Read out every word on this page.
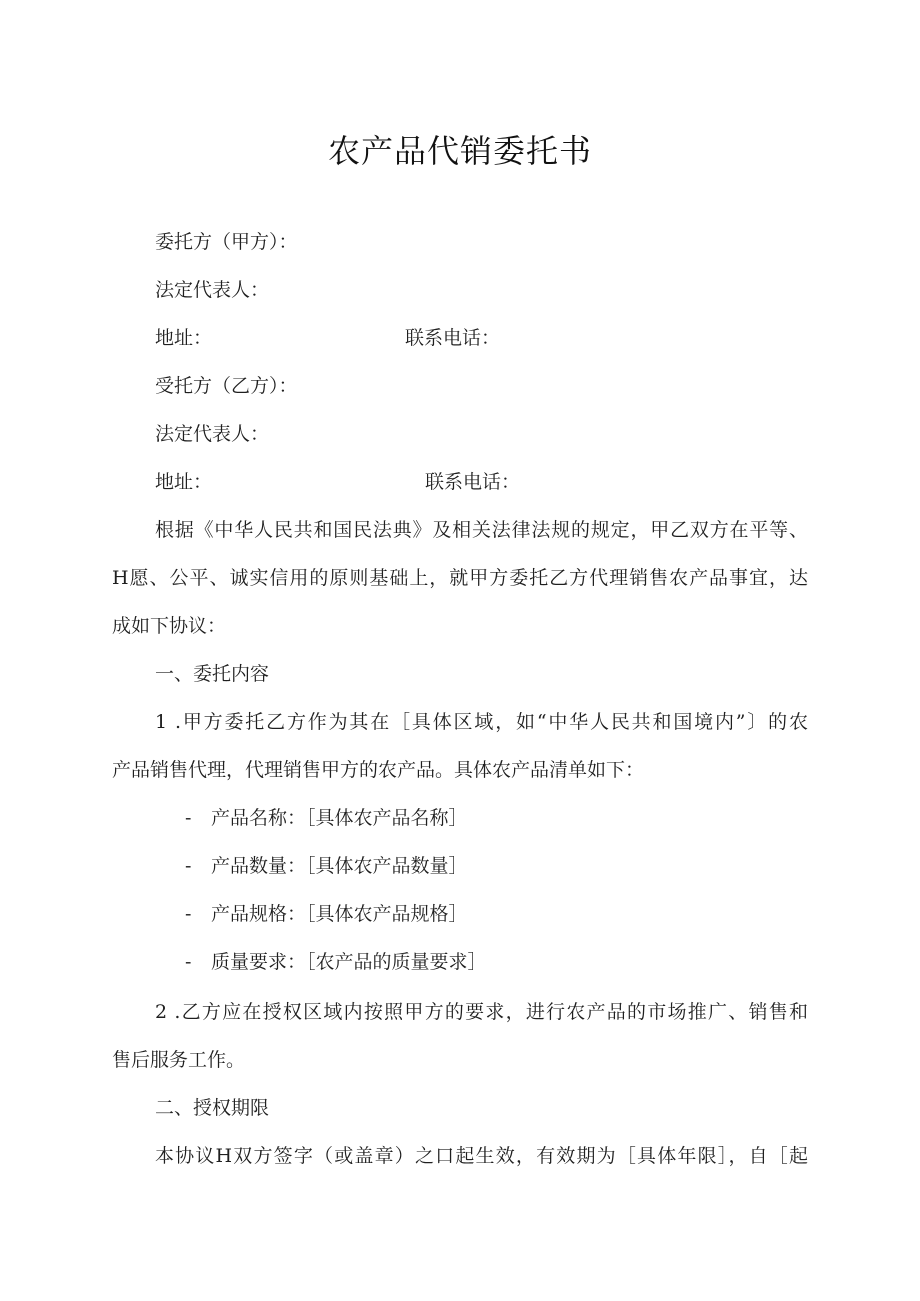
农产品代销委托书
委托方（甲方）：
法定代表人：
地址：	联系电话：
受托方（乙方）：
法定代表人：
地址：	联系电话：
根据《中华人民共和国民法典》及相关法律法规的规定，甲乙双方在平等、
H愿、公平、诚实信用的原则基础上，就甲方委托乙方代理销售农产品事宜，达
成如下协议：
一、委托内容
1 .甲方委托乙方作为其在［具体区域，如“中华人民共和国境内”〕的农
产品销售代理，代理销售甲方的农产品。具体农产品清单如下：
- 产品名称：［具体农产品名称］
- 产品数量：［具体农产品数量］
- 产品规格：［具体农产品规格］
- 质量要求：［农产品的质量要求］
2 .乙方应在授权区域内按照甲方的要求，进行农产品的市场推广、销售和
售后服务工作。
二、授权期限
本协议H双方签字（或盖章）之口起生效，有效期为［具体年限］，自［起
